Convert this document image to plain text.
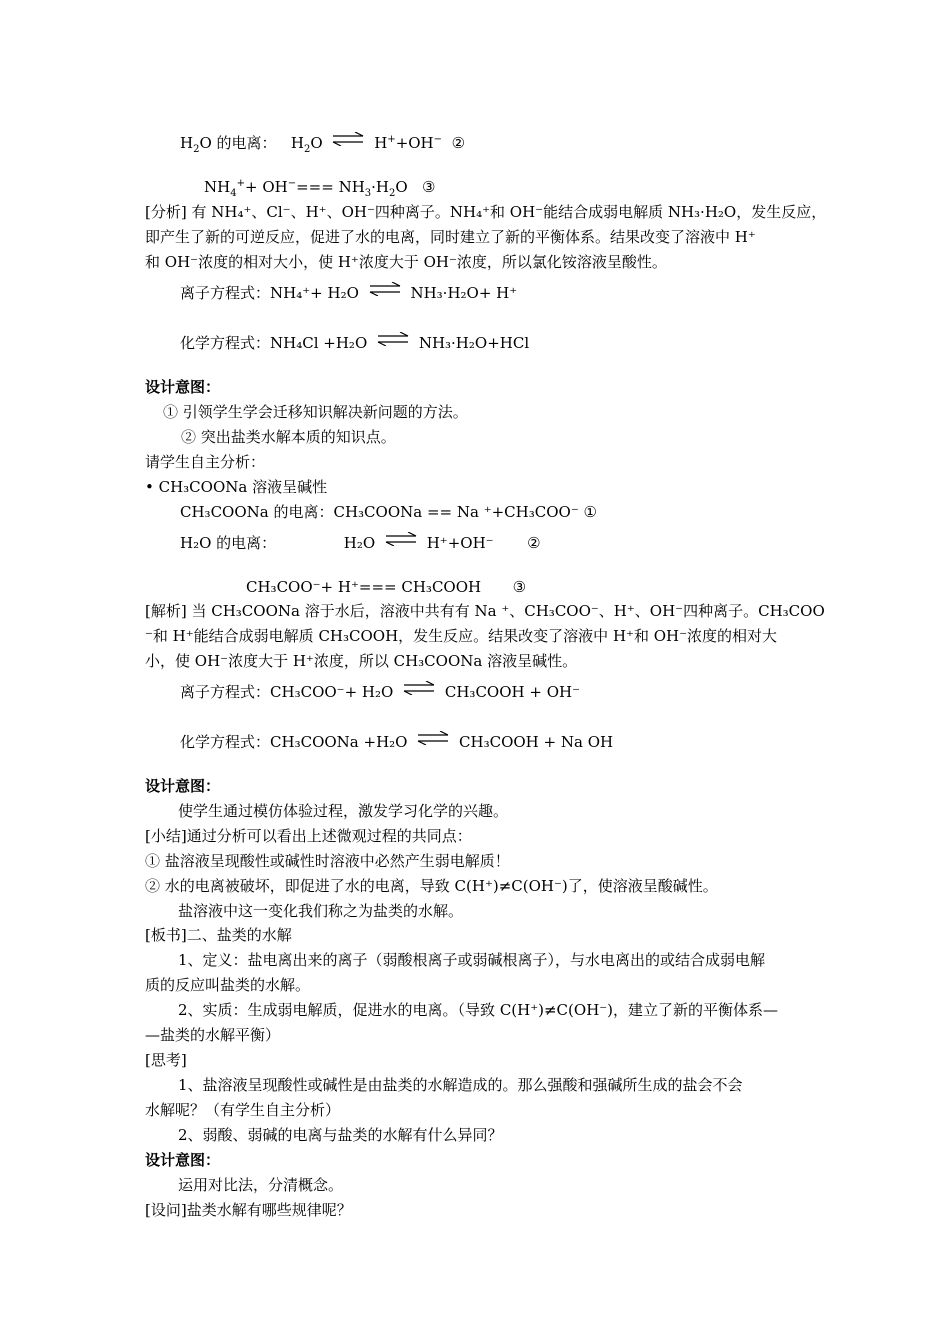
$H_2O$ 的电离： $H_2O$ ⇌ H++OH− ②
$NH_4^++ OH^-=== NH_3\cdot H_2O$ ③
[分析] 有 NH₄⁺、Cl⁻、H⁺、OH⁻四种离子。NH₄⁺和 OH⁻能结合成弱电解质 NH₃·H₂O，发生反应，
即产生了新的可逆反应，促进了水的电离，同时建立了新的平衡体系。结果改变了溶液中 H⁺
和 OH⁻浓度的相对大小，使 H⁺浓度大于 OH⁻浓度，所以氯化铵溶液呈酸性。
离子方程式：NH₄⁺+ H₂O ⇌ NH₃·H₂O+ H⁺
化学方程式：NH₄Cl +H₂O ⇌ NH₃·H₂O+HCl
设计意图：
① 引领学生学会迁移知识解决新问题的方法。
② 突出盐类水解本质的知识点。
请学生自主分析：
• CH₃COONa 溶液呈碱性
CH₃COONa 的电离：CH₃COONa == Na ⁺+CH₃COO⁻ ①
H₂O 的电离：	H₂O ⇌ H⁺+OH⁻ ②
CH₃COO⁻+ H⁺=== CH₃COOH ③
[解析] 当 CH₃COONa 溶于水后，溶液中共有有 Na ⁺、CH₃COO⁻、H⁺、OH⁻四种离子。CH₃COO
⁻和 H⁺能结合成弱电解质 CH₃COOH，发生反应。结果改变了溶液中 H⁺和 OH⁻浓度的相对大
小，使 OH⁻浓度大于 H⁺浓度，所以 CH₃COONa 溶液呈碱性。
离子方程式：CH₃COO⁻+ H₂O ⇌ CH₃COOH + OH⁻
化学方程式：CH₃COONa +H₂O ⇌ CH₃COOH + Na OH
设计意图：
使学生通过模仿体验过程，激发学习化学的兴趣。
[小结]通过分析可以看出上述微观过程的共同点：
① 盐溶液呈现酸性或碱性时溶液中必然产生弱电解质！
② 水的电离被破坏，即促进了水的电离，导致 C(H⁺)≠C(OH⁻)了，使溶液呈酸碱性。
盐溶液中这一变化我们称之为盐类的水解。
[板书]二、盐类的水解
1、定义：盐电离出来的离子（弱酸根离子或弱碱根离子），与水电离出的或结合成弱电解
质的反应叫盐类的水解。
2、实质：生成弱电解质，促进水的电离。（导致 C(H⁺)≠C(OH⁻)，建立了新的平衡体系—
—盐类的水解平衡）
[思考]
1、盐溶液呈现酸性或碱性是由盐类的水解造成的。那么强酸和强碱所生成的盐会不会
水解呢？（有学生自主分析）
2、弱酸、弱碱的电离与盐类的水解有什么异同？
设计意图：
运用对比法，分清概念。
[设问]盐类水解有哪些规律呢？
